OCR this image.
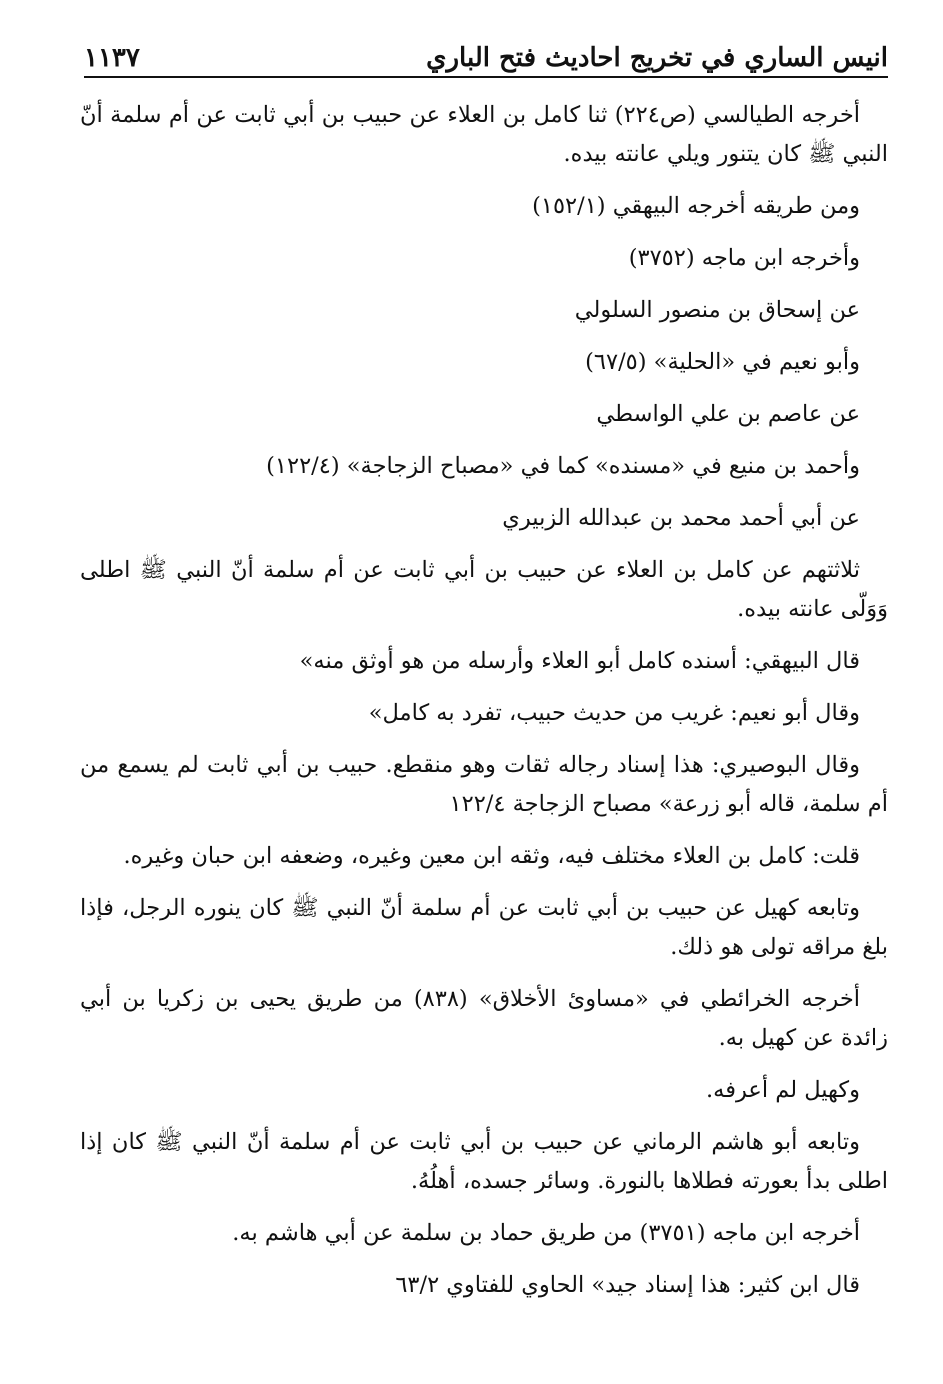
١١٣٧	انيس الساري في تخريج احاديث فتح الباري

أخرجه الطيالسي (ص٢٢٤) ثنا كامل بن العلاء عن حبيب بن أبي ثابت عن أم سلمة أنّ النبي ﷺ كان يتنور ويلي عانته بيده.

ومن طريقه أخرجه البيهقي (١٥٢/١)

وأخرجه ابن ماجه (٣٧٥٢)

عن إسحاق بن منصور السلولي

وأبو نعيم في «الحلية» (٦٧/٥)

عن عاصم بن علي الواسطي

وأحمد بن منيع في «مسنده» كما في «مصباح الزجاجة» (١٢٢/٤)

عن أبي أحمد محمد بن عبدالله الزبيري

ثلاثتهم عن كامل بن العلاء عن حبيب بن أبي ثابت عن أم سلمة أنّ النبي ﷺ اطلى وَوَلّى عانته بيده.

قال البيهقي: أسنده كامل أبو العلاء وأرسله من هو أوثق منه»

وقال أبو نعيم: غريب من حديث حبيب، تفرد به كامل»

وقال البوصيري: هذا إسناد رجاله ثقات وهو منقطع. حبيب بن أبي ثابت لم يسمع من أم سلمة، قاله أبو زرعة» مصباح الزجاجة ١٢٢/٤

قلت: كامل بن العلاء مختلف فيه، وثقه ابن معين وغيره، وضعفه ابن حبان وغيره.

وتابعه كهيل عن حبيب بن أبي ثابت عن أم سلمة أنّ النبي ﷺ كان ينوره الرجل، فإذا بلغ مراقه تولى هو ذلك.

أخرجه الخرائطي في «مساوئ الأخلاق» (٨٣٨) من طريق يحيى بن زكريا بن أبي زائدة عن كهيل به.

وكهيل لم أعرفه.

وتابعه أبو هاشم الرماني عن حبيب بن أبي ثابت عن أم سلمة أنّ النبي ﷺ كان إذا اطلى بدأ بعورته فطلاها بالنورة. وسائر جسده، أهلُهُ.

أخرجه ابن ماجه (٣٧٥١) من طريق حماد بن سلمة عن أبي هاشم به.

قال ابن كثير: هذا إسناد جيد» الحاوي للفتاوي ٦٣/٢
